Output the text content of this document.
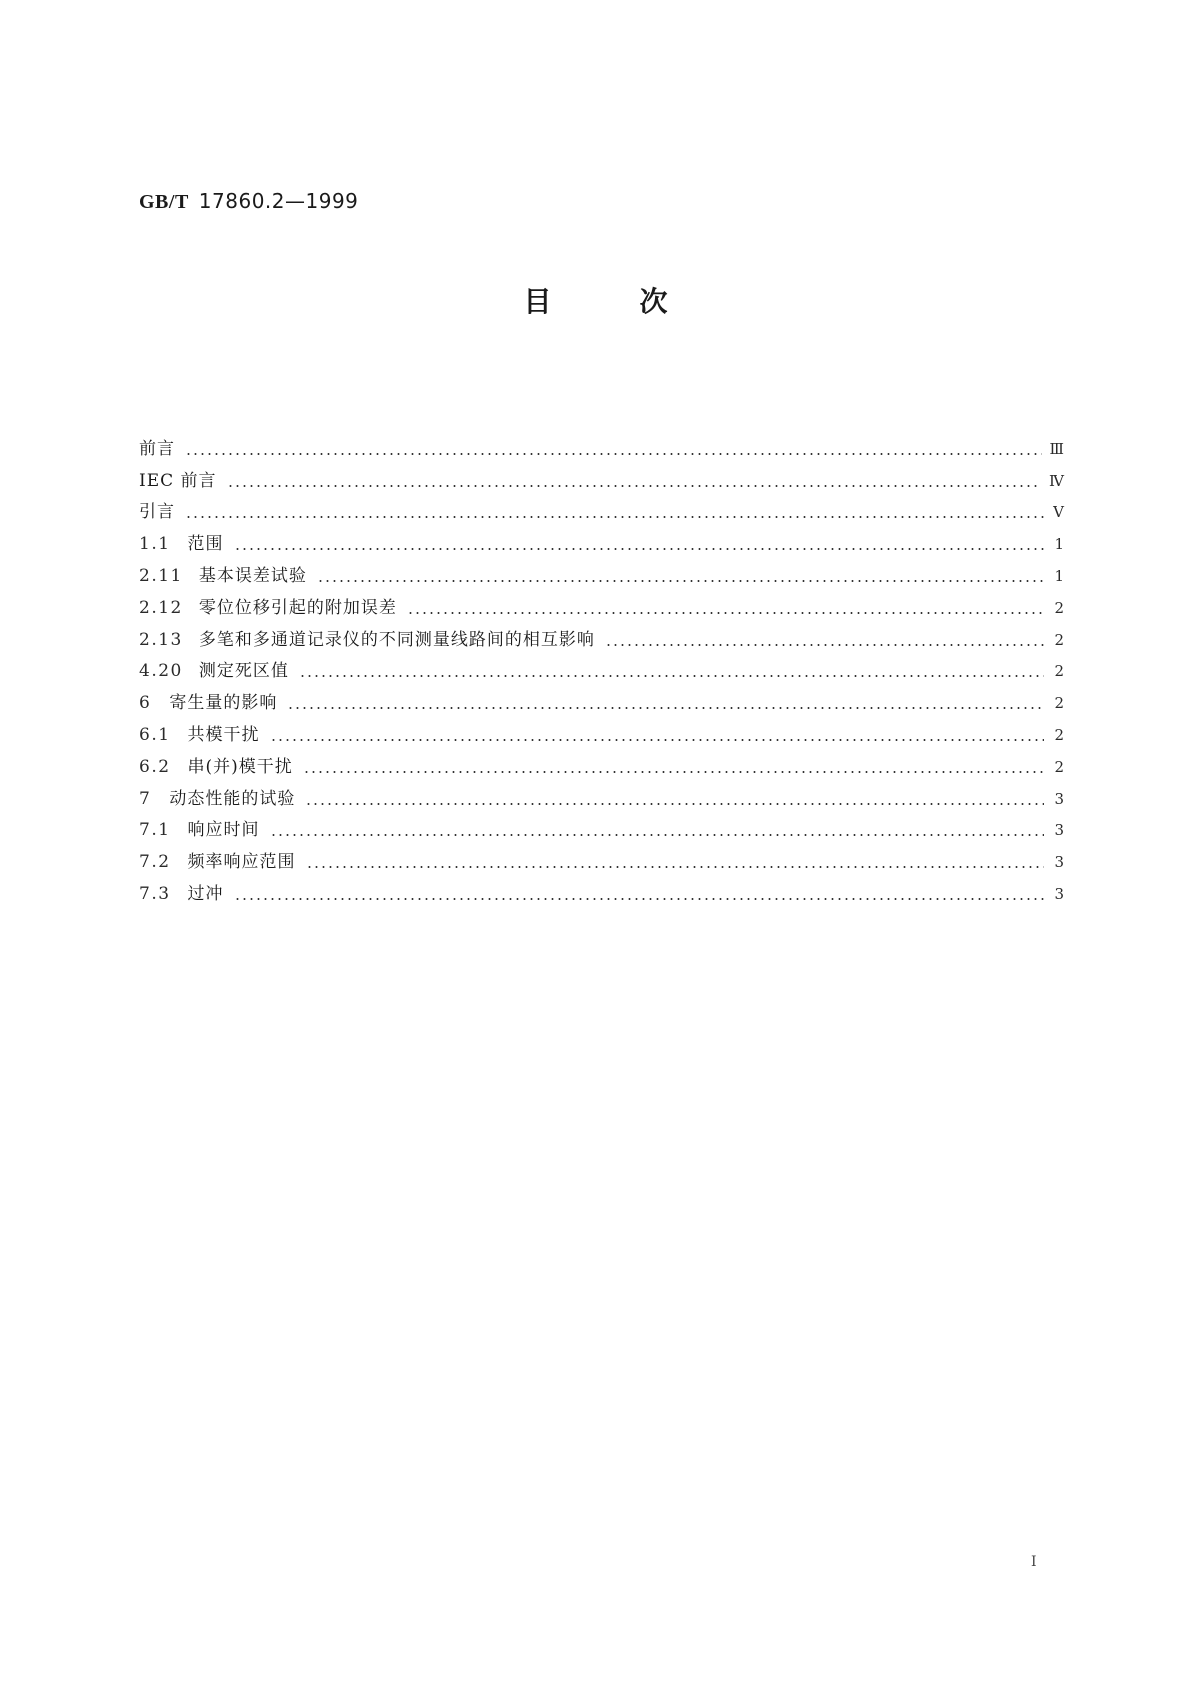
GB/T 17860.2—1999
目次
前言	Ⅲ
IEC 前言	Ⅳ
引言	Ⅴ
1.1 范围	1
2.11 基本误差试验	1
2.12 零位位移引起的附加误差	2
2.13 多笔和多通道记录仪的不同测量线路间的相互影响	2
4.20 测定死区值	2
6 寄生量的影响	2
6.1 共模干扰	2
6.2 串(并)模干扰	2
7 动态性能的试验	3
7.1 响应时间	3
7.2 频率响应范围	3
7.3 过冲	3
Ⅰ
